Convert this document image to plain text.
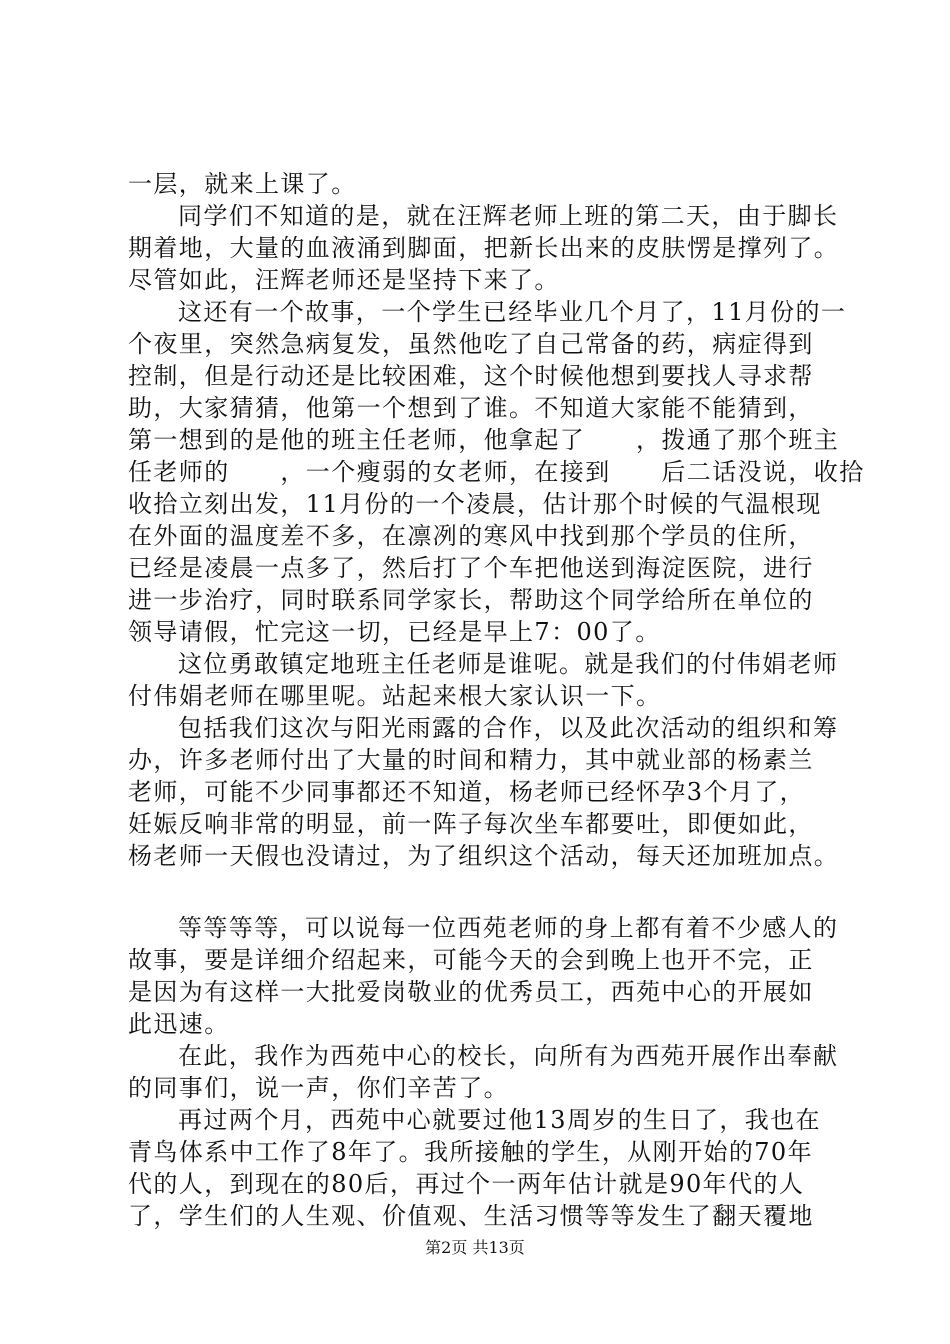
一层，就来上课了。
同学们不知道的是，就在汪辉老师上班的第二天，由于脚长
期着地，大量的血液涌到脚面，把新长出来的皮肤愣是撑列了。
尽管如此，汪辉老师还是坚持下来了。
这还有一个故事，一个学生已经毕业几个月了，11月份的一
个夜里，突然急病复发，虽然他吃了自己常备的药，病症得到
控制，但是行动还是比较困难，这个时候他想到要找人寻求帮
助，大家猜猜，他第一个想到了谁。不知道大家能不能猜到，
第一想到的是他的班主任老师，他拿起了　　，拨通了那个班主
任老师的　　，一个瘦弱的女老师，在接到　　后二话没说，收拾
收拾立刻出发，11月份的一个凌晨，估计那个时候的气温根现
在外面的温度差不多，在凛冽的寒风中找到那个学员的住所，
已经是凌晨一点多了，然后打了个车把他送到海淀医院，进行
进一步治疗，同时联系同学家长，帮助这个同学给所在单位的
领导请假，忙完这一切，已经是早上7：00了。
这位勇敢镇定地班主任老师是谁呢。就是我们的付伟娟老师
付伟娟老师在哪里呢。站起来根大家认识一下。
包括我们这次与阳光雨露的合作，以及此次活动的组织和筹
办，许多老师付出了大量的时间和精力，其中就业部的杨素兰
老师，可能不少同事都还不知道，杨老师已经怀孕3个月了，
妊娠反响非常的明显，前一阵子每次坐车都要吐，即便如此，
杨老师一天假也没请过，为了组织这个活动，每天还加班加点。
等等等等，可以说每一位西苑老师的身上都有着不少感人的
故事，要是详细介绍起来，可能今天的会到晚上也开不完，正
是因为有这样一大批爱岗敬业的优秀员工，西苑中心的开展如
此迅速。
在此，我作为西苑中心的校长，向所有为西苑开展作出奉献
的同事们，说一声，你们辛苦了。
再过两个月，西苑中心就要过他13周岁的生日了，我也在
青鸟体系中工作了8年了。我所接触的学生，从刚开始的70年
代的人，到现在的80后，再过个一两年估计就是90年代的人
了，学生们的人生观、价值观、生活习惯等等发生了翻天覆地
第2页 共13页
